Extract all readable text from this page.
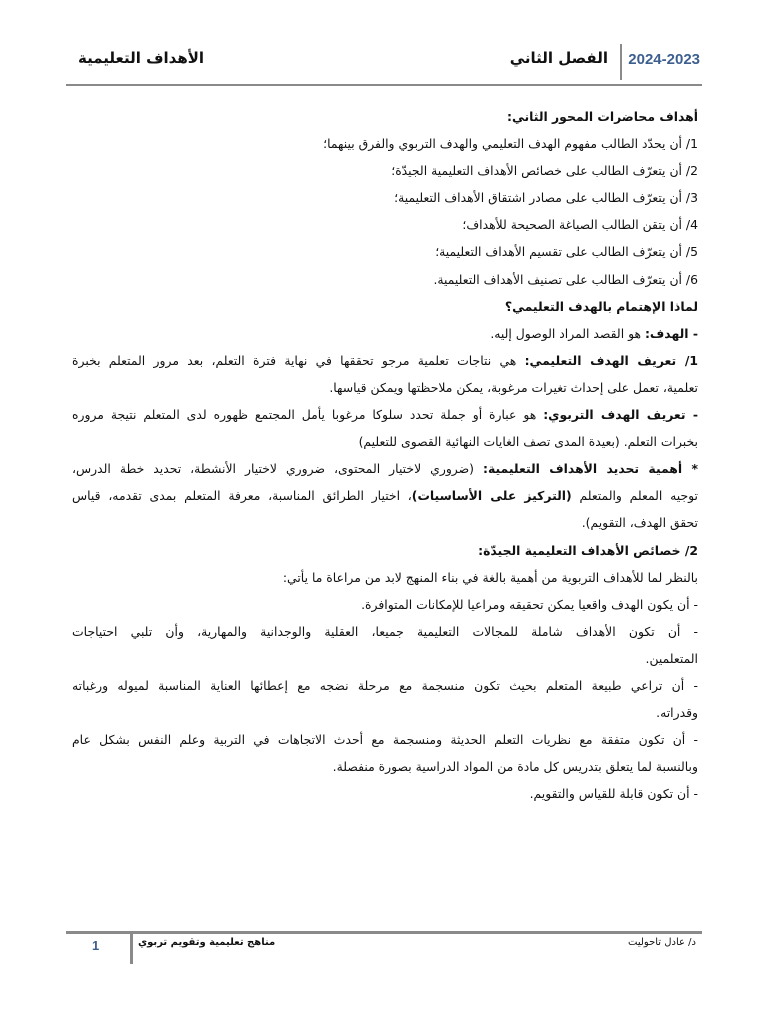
2024-2023
الفصل الثاني
الأهداف التعليمية
أهداف محاضرات المحور الثاني:
1/ أن يحدّد الطالب مفهوم الهدف التعليمي والهدف التربوي والفرق بينهما؛
2/ أن يتعرّف الطالب على خصائص الأهداف التعليمية الجيدّة؛
3/ أن يتعرّف الطالب على مصادر اشتقاق الأهداف التعليمية؛
4/ أن يتقن الطالب الصياغة الصحيحة للأهداف؛
5/ أن يتعرّف الطالب على تقسيم الأهداف التعليمية؛
6/ أن يتعرّف الطالب على تصنيف الأهداف التعليمية.
لماذا الإهتمام بالهدف التعليمي؟
- الهدف: هو القصد المراد الوصول إليه.
1/ تعريف الهدف التعليمي: هي نتاجات تعلمية مرجو تحققها في نهاية فترة التعلم، بعد مرور المتعلم بخبرة
تعلمية، تعمل على إحداث تغيرات مرغوبة، يمكن ملاحظتها ويمكن قياسها.
- تعريف الهدف التربوي: هو عبارة أو جملة تحدد سلوكا مرغوبا يأمل المجتمع ظهوره لدى المتعلم نتيجة مروره
بخبرات التعلم. (بعيدة المدى تصف الغايات النهائية القصوى للتعليم)
* أهمية تحديد الأهداف التعليمية: (ضروري لاختيار المحتوى، ضروري لاختيار الأنشطة، تحديد خطة الدرس،
توجيه المعلم والمتعلم (التركيز على الأساسيات)، اختيار الطرائق المناسبة، معرفة المتعلم بمدى تقدمه، قياس
تحقق الهدف، التقويم).
2/ خصائص الأهداف التعليمية الجيدّة:
بالنظر لما للأهداف التربوية من أهمية بالغة في بناء المنهج لابد من مراعاة ما يأتي:
- أن يكون الهدف واقعيا يمكن تحقيقه ومراعيا للإمكانات المتوافرة.
- أن تكون الأهداف شاملة للمجالات التعليمية جميعا، العقلية والوجدانية والمهارية، وأن تلبي احتياجات
المتعلمين.
- أن تراعي طبيعة المتعلم بحيث تكون منسجمة مع مرحلة نضجه مع إعطائها العناية المناسبة لميوله ورغباته
وقدراته.
- أن تكون متفقة مع نظريات التعلم الحديثة ومنسجمة مع أحدث الاتجاهات في التربية وعلم النفس بشكل عام
وبالنسبة لما يتعلق بتدريس كل مادة من المواد الدراسية بصورة منفصلة.
- أن تكون قابلة للقياس والتقويم.
1	مناهج تعليمية وتقويم تربوي	د/ عادل تاحوليت
